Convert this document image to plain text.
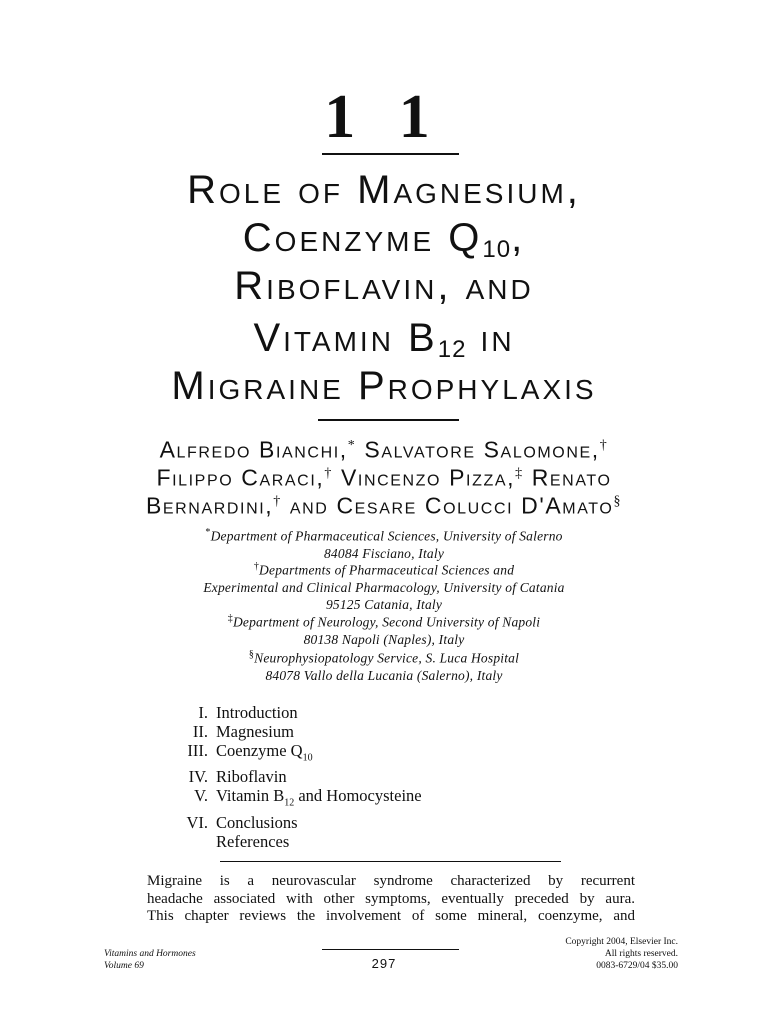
1 1
Role of Magnesium,
Coenzyme $Q_{10}$,
Riboflavin, and
Vitamin $B_{12}$ in
Migraine Prophylaxis
Alfredo Bianchi,* Salvatore Salomone,†
Filippo Caraci,† Vincenzo Pizza,‡ Renato
Bernardini,† and Cesare Colucci D'Amato§
*Department of Pharmaceutical Sciences, University of Salerno
84084 Fisciano, Italy
†Departments of Pharmaceutical Sciences and
Experimental and Clinical Pharmacology, University of Catania
95125 Catania, Italy
‡Department of Neurology, Second University of Napoli
80138 Napoli (Naples), Italy
§Neurophysiopatology Service, S. Luca Hospital
84078 Vallo della Lucania (Salerno), Italy
I. Introduction
II. Magnesium
III. Coenzyme $Q_{10}$
IV. Riboflavin
V. Vitamin $B_{12}$ and Homocysteine
VI. Conclusions
References
Migraine is a neurovascular syndrome characterized by recurrent
headache associated with other symptoms, eventually preceded by aura.
This chapter reviews the involvement of some mineral, coenzyme, and
Vitamins and Hormones
Volume 69	297
Copyright 2004, Elsevier Inc.
All rights reserved.
0083-6729/04 $35.00
